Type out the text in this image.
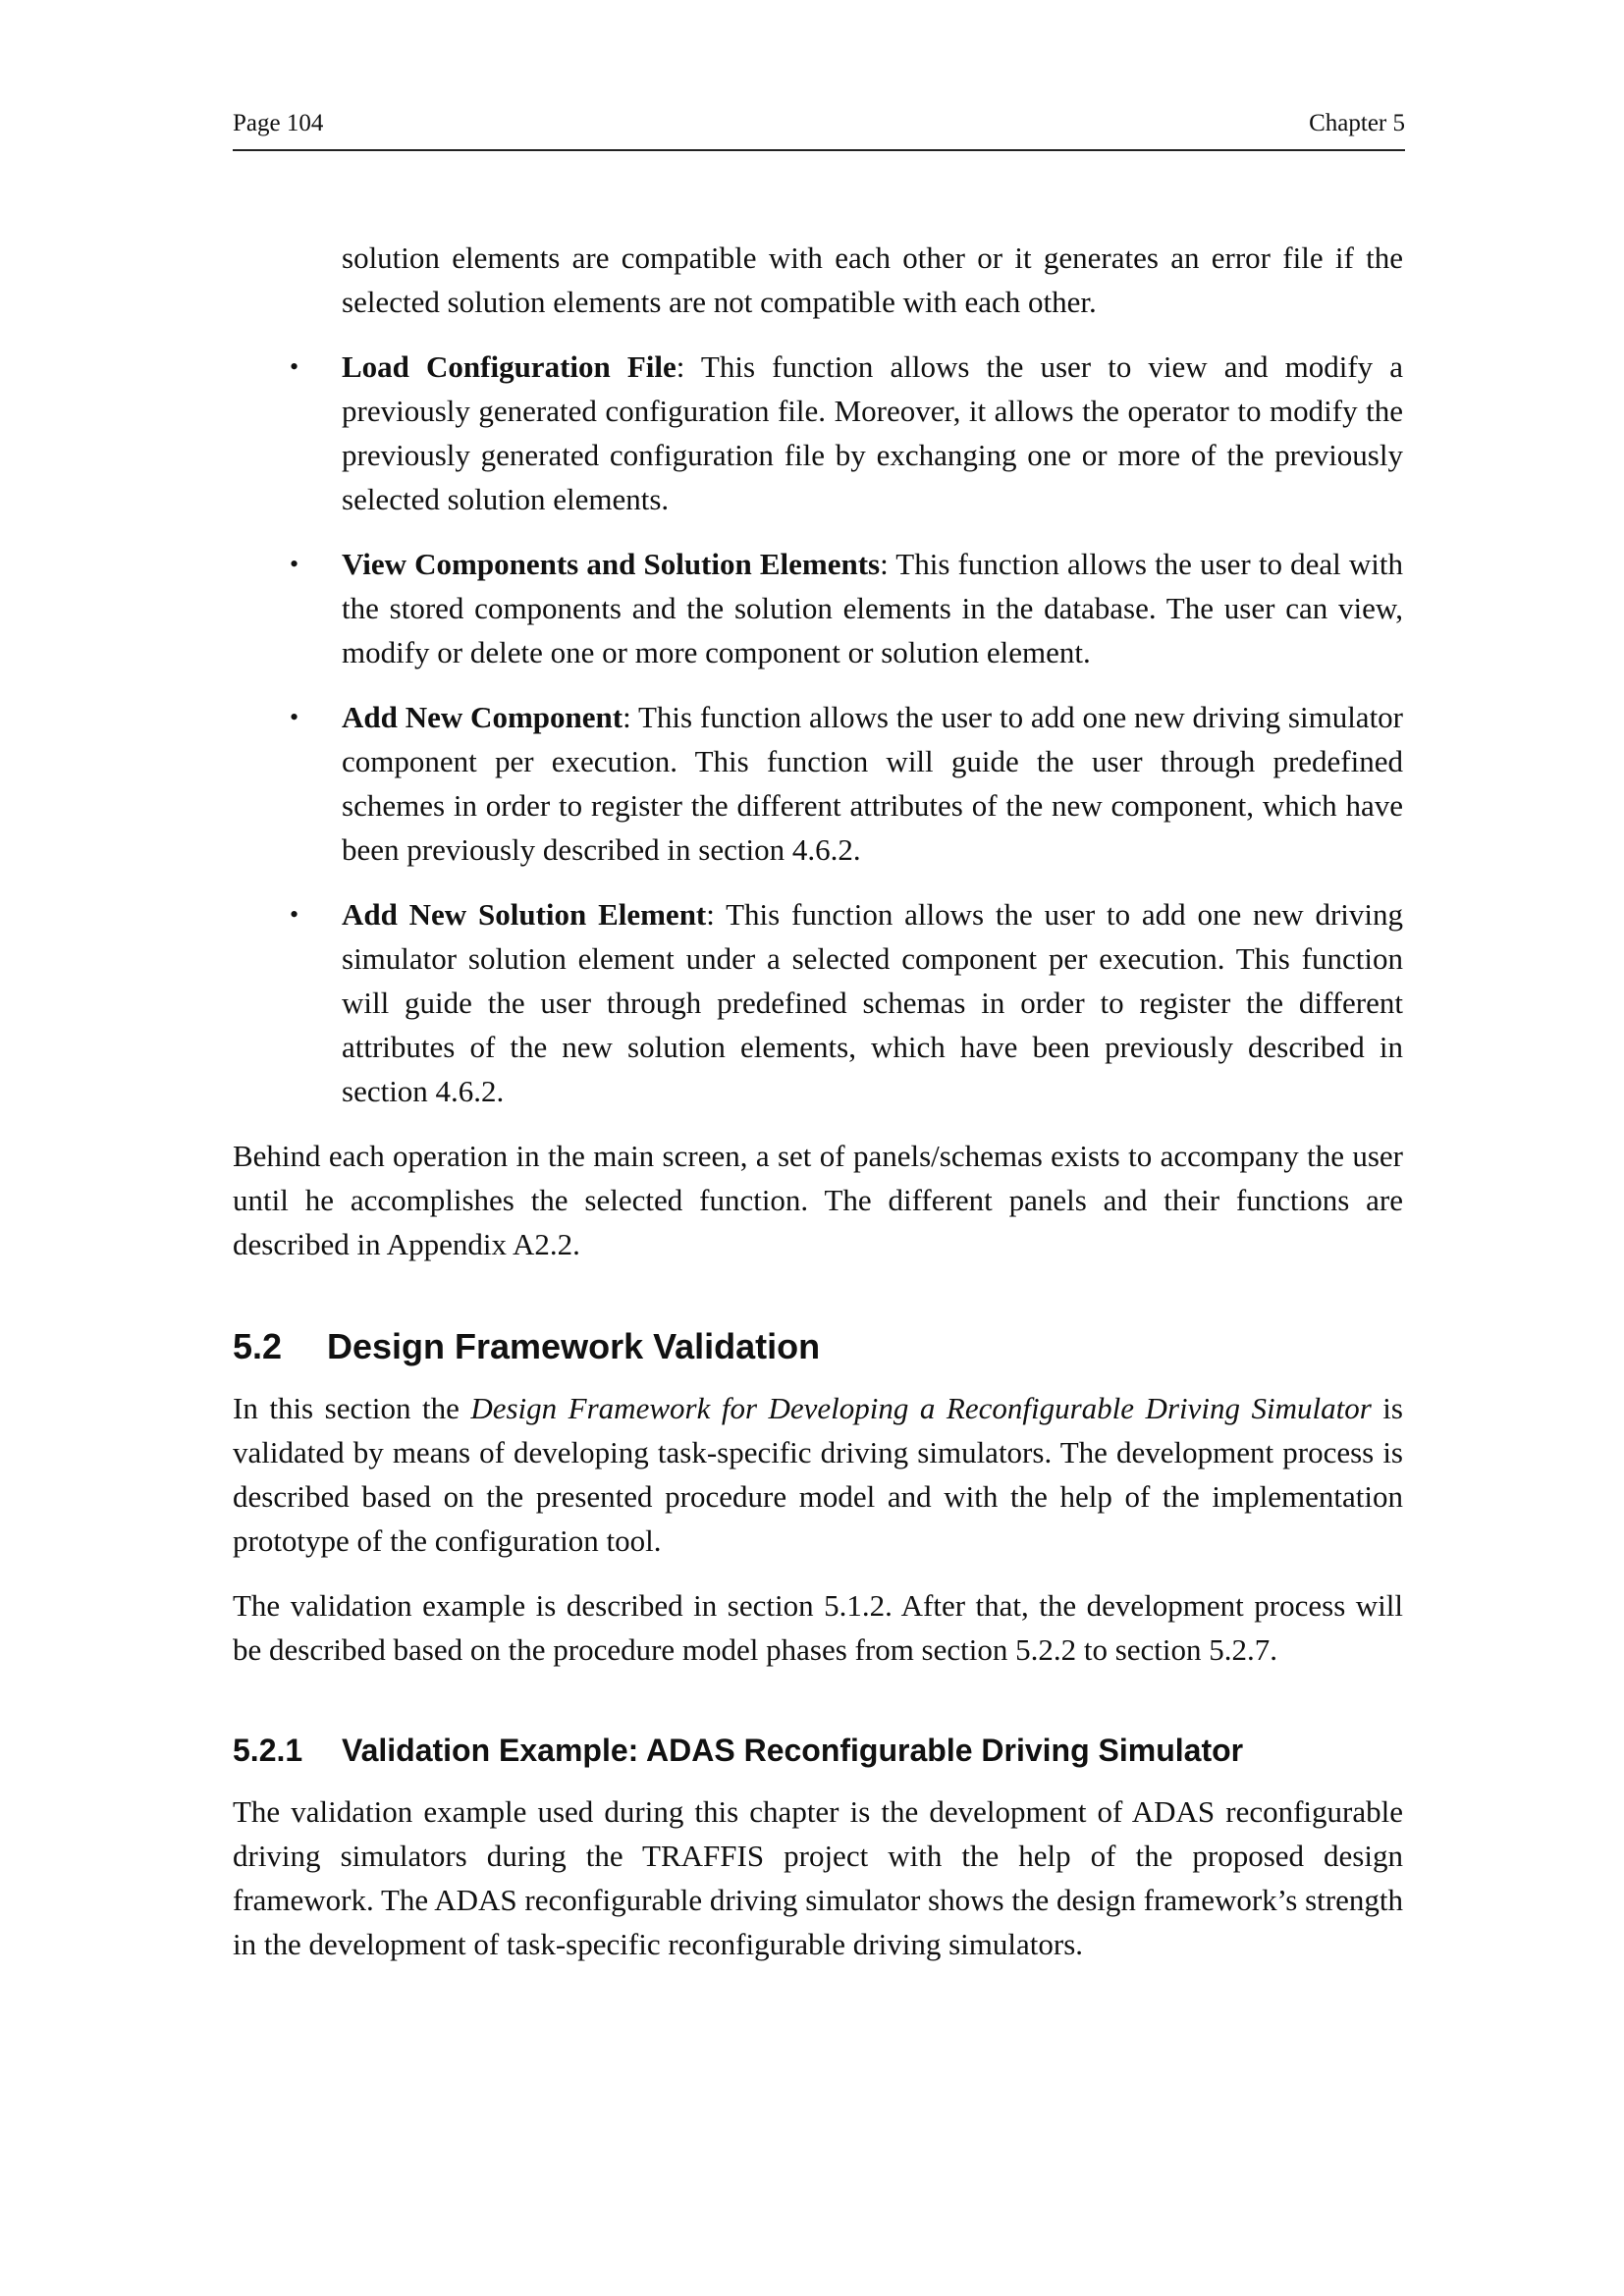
Page 104	Chapter 5

solution elements are compatible with each other or it generates an error file if the selected solution elements are not compatible with each other.

• Load Configuration File: This function allows the user to view and modify a previously generated configuration file. Moreover, it allows the operator to modify the previously generated configuration file by exchanging one or more of the previously selected solution elements.
• View Components and Solution Elements: This function allows the user to deal with the stored components and the solution elements in the database. The user can view, modify or delete one or more component or solution element.
• Add New Component: This function allows the user to add one new driving simulator component per execution. This function will guide the user through predefined schemes in order to register the different attributes of the new component, which have been previously described in section 4.6.2.
• Add New Solution Element: This function allows the user to add one new driving simulator solution element under a selected component per execution. This function will guide the user through predefined schemas in order to register the different attributes of the new solution elements, which have been previously described in section 4.6.2.

Behind each operation in the main screen, a set of panels/schemas exists to accompany the user until he accomplishes the selected function. The different panels and their functions are described in Appendix A2.2.

5.2 Design Framework Validation

In this section the Design Framework for Developing a Reconfigurable Driving Simulator is validated by means of developing task-specific driving simulators. The development process is described based on the presented procedure model and with the help of the implementation prototype of the configuration tool.

The validation example is described in section 5.1.2. After that, the development process will be described based on the procedure model phases from section 5.2.2 to section 5.2.7.

5.2.1 Validation Example: ADAS Reconfigurable Driving Simulator

The validation example used during this chapter is the development of ADAS reconfigurable driving simulators during the TRAFFIS project with the help of the proposed design framework. The ADAS reconfigurable driving simulator shows the design framework’s strength in the development of task-specific reconfigurable driving simulators.
